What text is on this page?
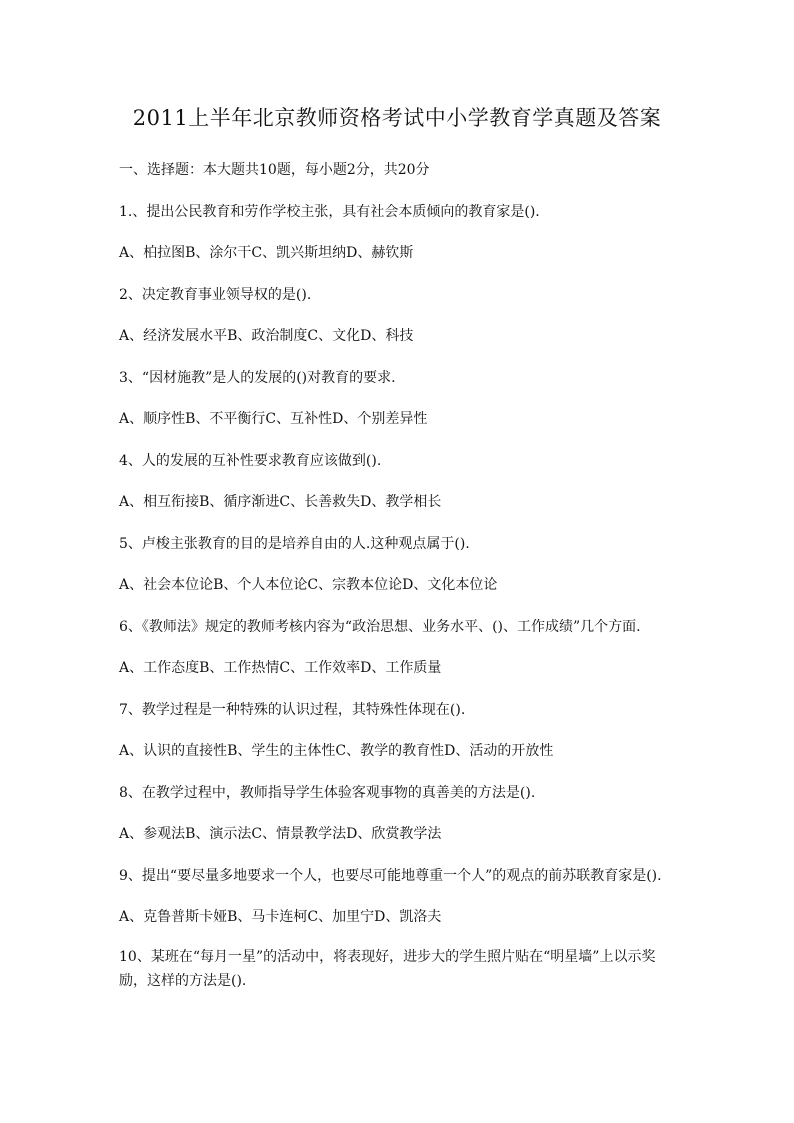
2011上半年北京教师资格考试中小学教育学真题及答案
一、选择题：本大题共10题，每小题2分，共20分
1.、提出公民教育和劳作学校主张，具有社会本质倾向的教育家是().
A、柏拉图B、涂尔干C、凯兴斯坦纳D、赫钦斯
2、决定教育事业领导权的是().
A、经济发展水平B、政治制度C、文化D、科技
3、“因材施教”是人的发展的()对教育的要求.
A、顺序性B、不平衡行C、互补性D、个别差异性
4、人的发展的互补性要求教育应该做到().
A、相互衔接B、循序渐进C、长善救失D、教学相长
5、卢梭主张教育的目的是培养自由的人.这种观点属于().
A、社会本位论B、个人本位论C、宗教本位论D、文化本位论
6、《教师法》规定的教师考核内容为“政治思想、业务水平、()、工作成绩”几个方面.
A、工作态度B、工作热情C、工作效率D、工作质量
7、教学过程是一种特殊的认识过程，其特殊性体现在().
A、认识的直接性B、学生的主体性C、教学的教育性D、活动的开放性
8、在教学过程中，教师指导学生体验客观事物的真善美的方法是().
A、参观法B、演示法C、情景教学法D、欣赏教学法
9、提出“要尽量多地要求一个人，也要尽可能地尊重一个人”的观点的前苏联教育家是().
A、克鲁普斯卡娅B、马卡连柯C、加里宁D、凯洛夫
10、某班在“每月一星”的活动中，将表现好，进步大的学生照片贴在“明星墙”上以示奖
励，这样的方法是().
